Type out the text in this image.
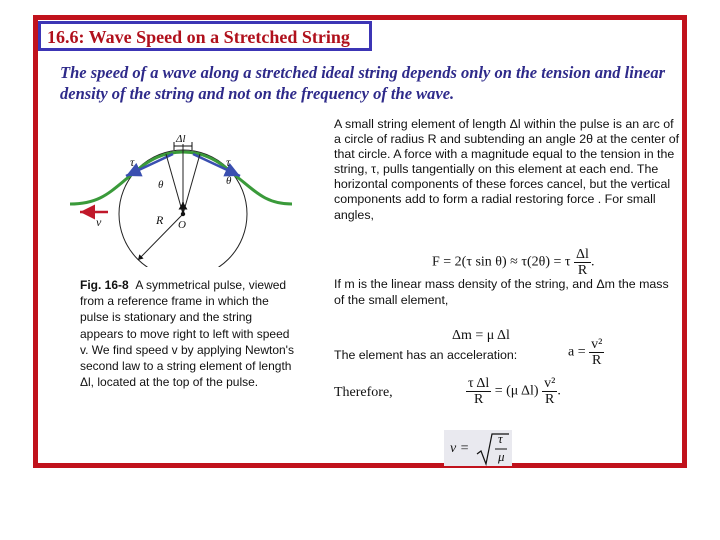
16.6: Wave Speed on a Stretched String
The speed of a wave along a stretched ideal string depends only on the tension and linear density of the string and not on the frequency of the wave.
Δl
τ	τ
θ	θ
R O
v
A small string element of length Δl within the pulse is an arc of a circle of radius R and subtending an angle 2θ at the center of that circle. A force with a magnitude equal to the tension in the string, τ, pulls tangentially on this element at each end. The horizontal components of these forces cancel, but the vertical components add to form a radial restoring force . For small angles,
F = 2(τ sin θ) ≈ τ(2θ) = τ $\frac{\Delta l}{R}$ .
If m is the linear mass density of the string, and Δm the mass of the small element,
Δm = μ Δl
The element has an acceleration:	$a = \frac{\text{v²}}{R}$
Therefore,	$\frac{\text{τ Δl}}{R} = (\mu$ $\Delta l) \frac{\text{v²}}{R}$ .
v =
τ
μ
Fig. 16-8 A symmetrical pulse, viewed from a reference frame in which the pulse is stationary and the string appears to move right to left with speed v. We find speed v by applying Newton's second law to a string element of length Δl, located at the top of the pulse.
